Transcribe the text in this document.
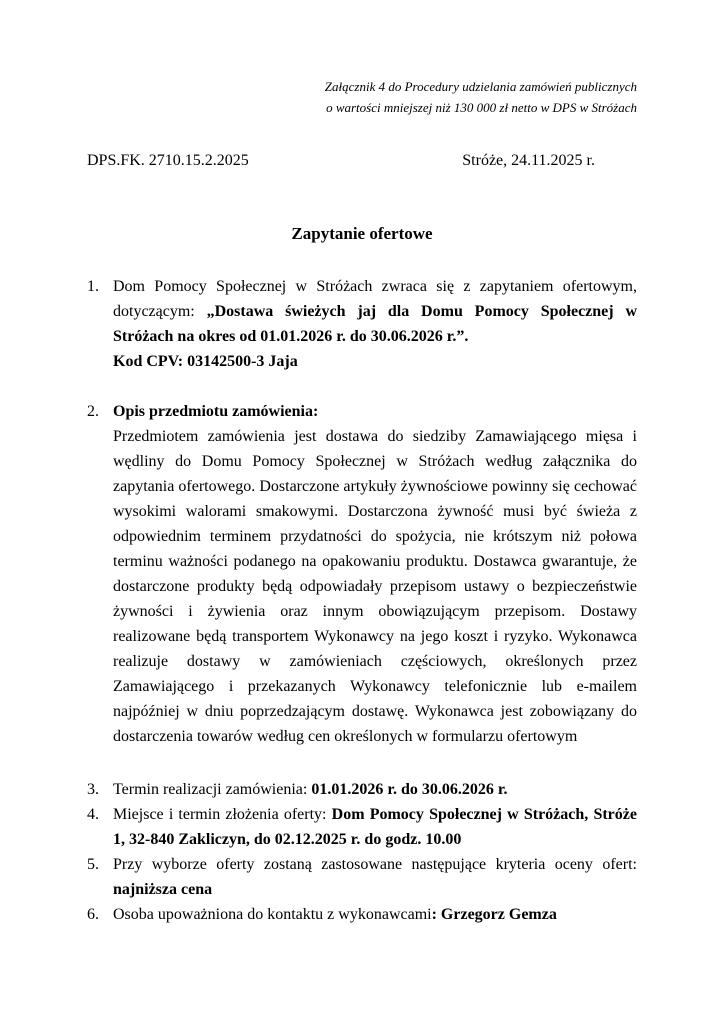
Załącznik 4 do Procedury udzielania zamówień publicznych
o wartości mniejszej niż 130 000 zł netto w DPS w Stróżach
DPS.FK. 2710.15.2.2025	Stróże, 24.11.2025 r.
Zapytanie ofertowe
1. Dom Pomocy Społecznej w Stróżach zwraca się z zapytaniem ofertowym, dotyczącym: „Dostawa świeżych jaj dla Domu Pomocy Społecznej w Stróżach na okres od 01.01.2026 r. do 30.06.2026 r.”.
Kod CPV: 03142500-3 Jaja
2. Opis przedmiotu zamówienia:
Przedmiotem zamówienia jest dostawa do siedziby Zamawiającego mięsa i wędliny do Domu Pomocy Społecznej w Stróżach według załącznika do zapytania ofertowego. Dostarczone artykuły żywnościowe powinny się cechować wysokimi walorami smakowymi. Dostarczona żywność musi być świeża z odpowiednim terminem przydatności do spożycia, nie krótszym niż połowa terminu ważności podanego na opakowaniu produktu. Dostawca gwarantuje, że dostarczone produkty będą odpowiadały przepisom ustawy o bezpieczeństwie żywności i żywienia oraz innym obowiązującym przepisom. Dostawy realizowane będą transportem Wykonawcy na jego koszt i ryzyko. Wykonawca realizuje dostawy w zamówieniach częściowych, określonych przez Zamawiającego i przekazanych Wykonawcy telefonicznie lub e-mailem najpóźniej w dniu poprzedzającym dostawę. Wykonawca jest zobowiązany do dostarczenia towarów według cen określonych w formularzu ofertowym
3. Termin realizacji zamówienia: 01.01.2026 r. do 30.06.2026 r.
4. Miejsce i termin złożenia oferty: Dom Pomocy Społecznej w Stróżach, Stróże 1, 32-840 Zakliczyn, do 02.12.2025 r. do godz. 10.00
5. Przy wyborze oferty zostaną zastosowane następujące kryteria oceny ofert: najniższa cena
6. Osoba upoważniona do kontaktu z wykonawcami: Grzegorz Gemza
